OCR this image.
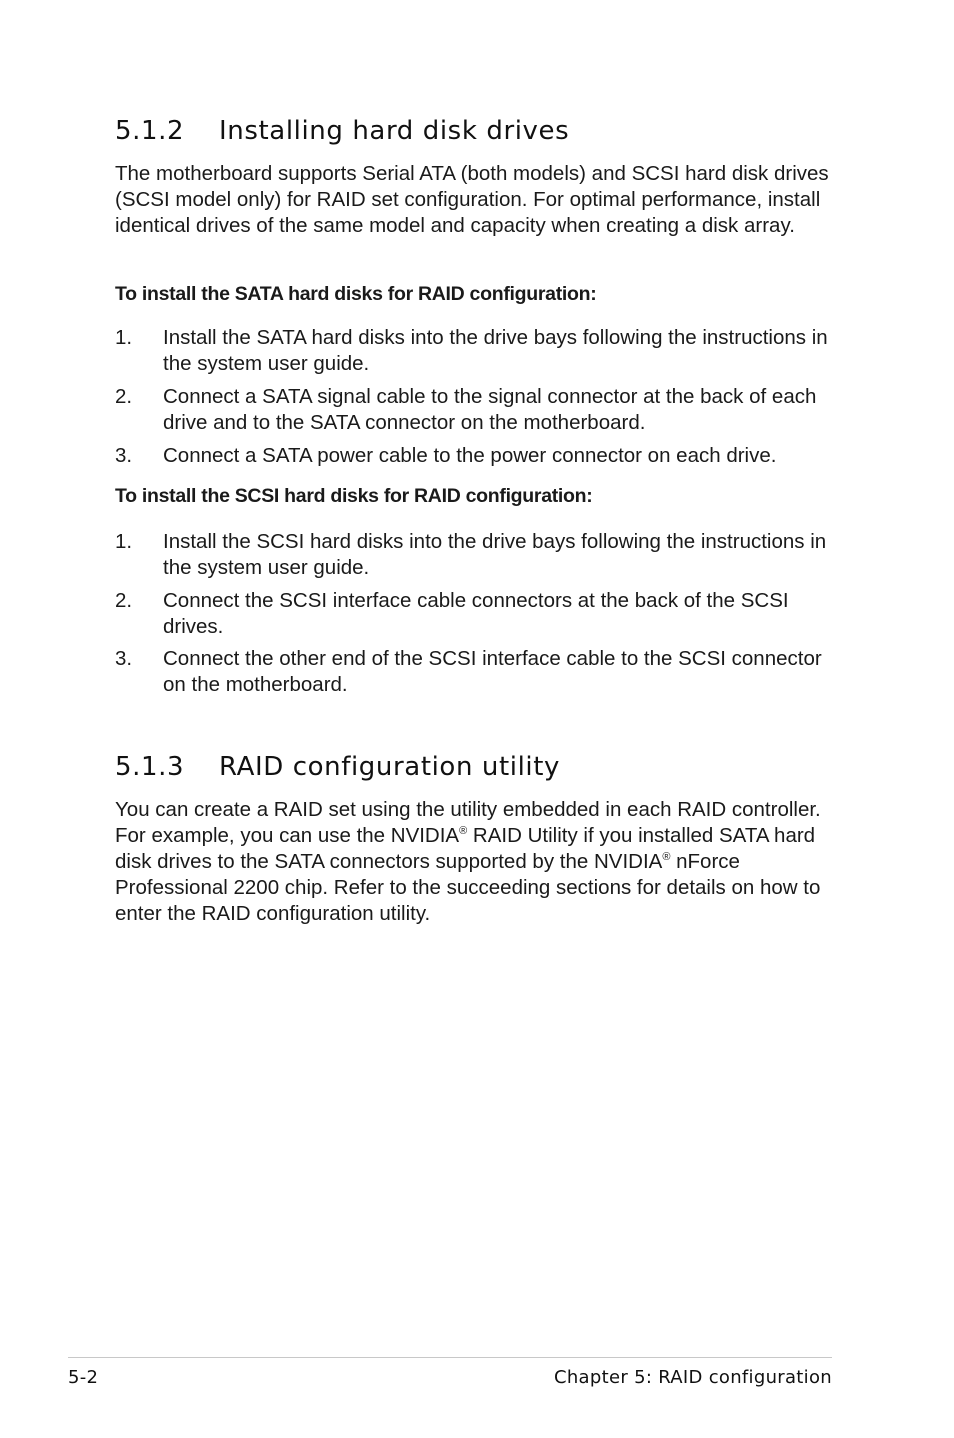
5.1.2 Installing hard disk drives

The motherboard supports Serial ATA (both models) and SCSI hard disk drives (SCSI model only) for RAID set configuration. For optimal performance, install identical drives of the same model and capacity when creating a disk array.

To install the SATA hard disks for RAID configuration:

1. Install the SATA hard disks into the drive bays following the instructions in the system user guide.
2. Connect a SATA signal cable to the signal connector at the back of each drive and to the SATA connector on the motherboard.
3. Connect a SATA power cable to the power connector on each drive.

To install the SCSI hard disks for RAID configuration:

1. Install the SCSI hard disks into the drive bays following the instructions in the system user guide.
2. Connect the SCSI interface cable connectors at the back of the SCSI drives.
3. Connect the other end of the SCSI interface cable to the SCSI connector on the motherboard.
5.1.3 RAID configuration utility

You can create a RAID set using the utility embedded in each RAID controller. For example, you can use the NVIDIA® RAID Utility if you installed SATA hard disk drives to the SATA connectors supported by the NVIDIA® nForce Professional 2200 chip. Refer to the succeeding sections for details on how to enter the RAID configuration utility.

5-2	Chapter 5: RAID configuration
